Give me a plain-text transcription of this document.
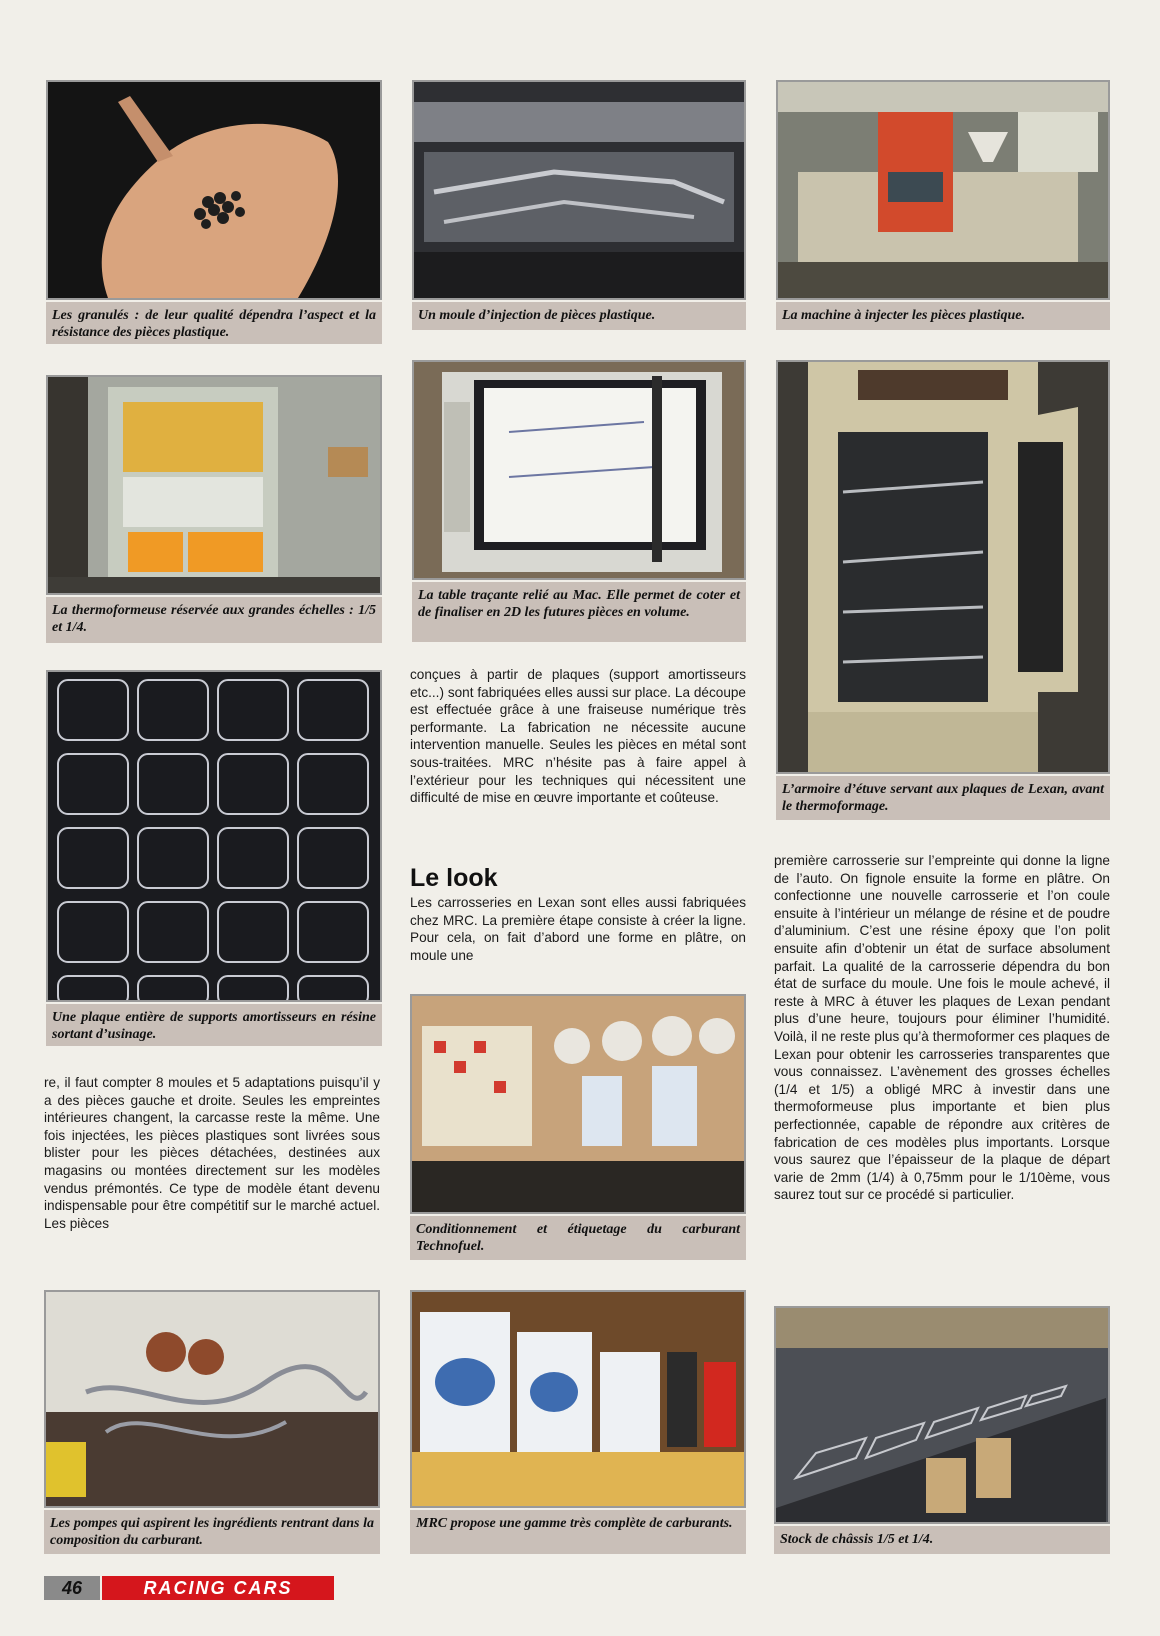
Les granulés : de leur qualité dépendra l’aspect et la résistance des pièces plastique.
Un moule d’injection de pièces plastique.	La machine à injecter les pièces plastique.
La thermoformeuse réservée aux grandes échelles : 1/5 et 1/4.
La table traçante relié au Mac. Elle permet de coter et de finaliser en 2D les futures pièces en volume.
L’armoire d’étuve servant aux plaques de Lexan, avant le thermoformage.
Une plaque entière de supports amortisseurs en résine sortant d’usinage.

conçues à partir de plaques (support amortisseurs etc...) sont fabriquées elles aussi sur place. La découpe est effectuée grâce à une fraiseuse numérique très performante. La fabrication ne nécessite aucune intervention manuelle. Seules les pièces en métal sont sous-traitées. MRC n’hésite pas à faire appel à l’extérieur pour les techniques qui nécessitent une difficulté de mise en œuvre importante et coûteuse.

Le look

Les carrosseries en Lexan sont elles aussi fabriquées chez MRC. La première étape consiste à créer la ligne. Pour cela, on fait d’abord une forme en plâtre, on moule une

première carrosserie sur l’empreinte qui donne la ligne de l’auto. On fignole ensuite la forme en plâtre. On confectionne une nouvelle carrosserie et l’on coule ensuite à l’intérieur un mélange de résine et de poudre d’aluminium. C’est une résine époxy que l’on polit ensuite afin d’obtenir un état de surface absolument parfait. La qualité de la carrosserie dépendra du bon état de surface du moule. Une fois le moule achevé, il reste à MRC à étuver les plaques de Lexan pendant plus d’une heure, toujours pour éliminer l’humidité. Voilà, il ne reste plus qu’à thermoformer ces plaques de Lexan pour obtenir les carrosseries transparentes que vous connaissez. L’avènement des grosses échelles (1/4 et 1/5) a obligé MRC à investir dans une thermoformeuse plus importante et bien plus perfectionnée, capable de répondre aux critères de fabrication de ces modèles plus importants. Lorsque vous saurez que l’épaisseur de la plaque de départ varie de 2mm (1/4) à 0,75mm pour le 1/10ème, vous saurez tout sur ce procédé si particulier.

Conditionnement et étiquetage du carburant Technofuel.

re, il faut compter 8 moules et 5 adaptations puisqu’il y a des pièces gauche et droite. Seules les empreintes intérieures changent, la carcasse reste la même. Une fois injectées, les pièces plastiques sont livrées sous blister pour les pièces détachées, destinées aux magasins ou montées directement sur les modèles vendus prémontés. Ce type de modèle étant devenu indispensable pour être compétitif sur le marché actuel. Les pièces

Les pompes qui aspirent les ingrédients rentrant dans la composition du carburant.
MRC propose une gamme très complète de carburants.
Stock de châssis 1/5 et 1/4.
46	RACING CARS
